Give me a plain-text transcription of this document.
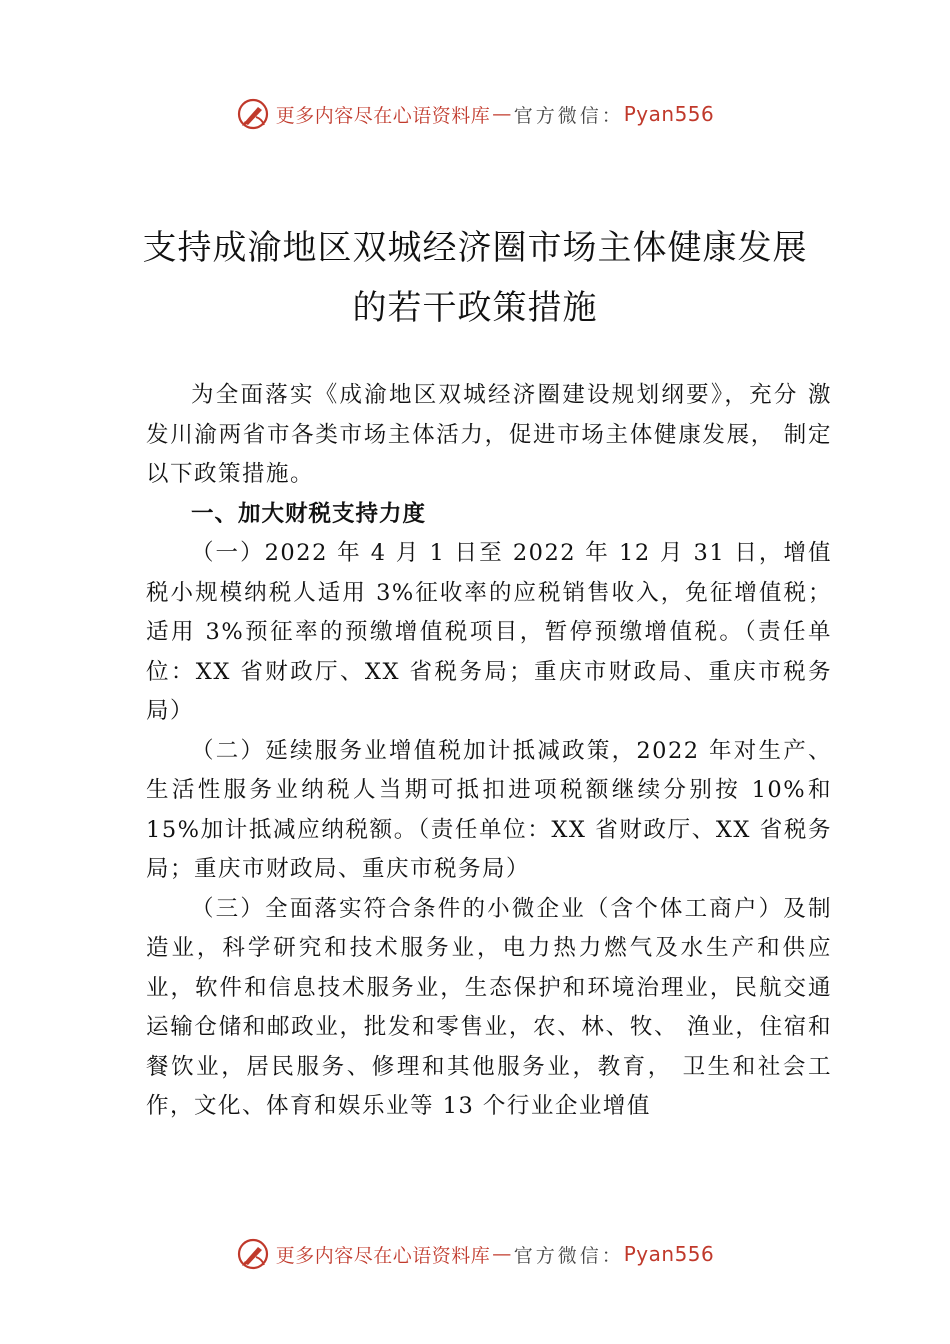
更多内容尽在心语资料库 — 官方微信： Pyan556
支持成渝地区双城经济圈市场主体健康发展的若干政策措施

为全面落实《成渝地区双城经济圈建设规划纲要》，充分 激发川渝两省市各类市场主体活力，促进市场主体健康发展， 制定以下政策措施。

一、加大财税支持力度

（一）2022 年 4 月 1 日至 2022 年 12 月 31 日，增值税小规模纳税人适用 3%征收率的应税销售收入，免征增值税； 适用 3%预征率的预缴增值税项目，暂停预缴增值税。（责任单位：XX 省财政厅、XX 省税务局；重庆市财政局、重庆市税务局）

（二）延续服务业增值税加计抵减政策，2022 年对生产、生活性服务业纳税人当期可抵扣进项税额继续分别按 10%和15%加计抵减应纳税额。（责任单位：XX 省财政厅、XX 省税务局；重庆市财政局、重庆市税务局）

（三）全面落实符合条件的小微企业（含个体工商户）及制造业，科学研究和技术服务业，电力热力燃气及水生产和供应业，软件和信息技术服务业，生态保护和环境治理业，民航交通运输仓储和邮政业，批发和零售业，农、林、牧、 渔业，住宿和餐饮业，居民服务、修理和其他服务业，教育， 卫生和社会工作，文化、体育和娱乐业等 13 个行业企业增值

更多内容尽在心语资料库 — 官方微信： Pyan556
